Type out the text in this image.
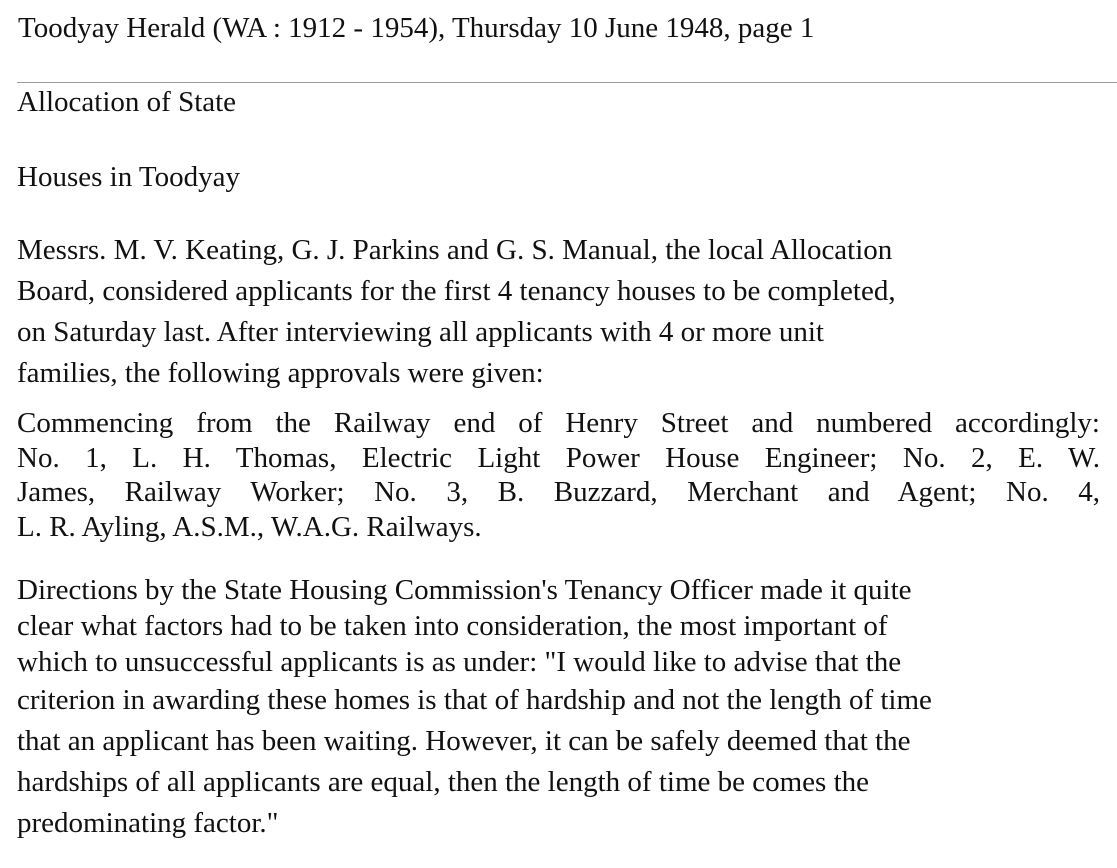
Toodyay Herald (WA : 1912 - 1954), Thursday 10 June 1948, page 1
Allocation of State
Houses in Toodyay
Messrs. M. V. Keating, G. J. Parkins and G. S. Manual, the local Allocation
Board, considered applicants for the first 4 tenancy houses to be completed,
on Saturday last. After interviewing all applicants with 4 or more unit
families, the following approvals were given:
Commencing from the Railway end of Henry Street and numbered accordingly:
No. 1, L. H. Thomas, Electric Light Power House Engineer; No. 2, E. W.
James, Railway Worker; No. 3, B. Buzzard, Merchant and Agent; No. 4,
L. R. Ayling, A.S.M., W.A.G. Railways.
Directions by the State Housing Commission's Tenancy Officer made it quite
clear what factors had to be taken into consideration, the most important of
which to unsuccessful applicants is as under: "I would like to advise that the
criterion in awarding these homes is that of hardship and not the length of time
that an applicant has been waiting. However, it can be safely deemed that the
hardships of all applicants are equal, then the length of time be comes the
predominating factor."
